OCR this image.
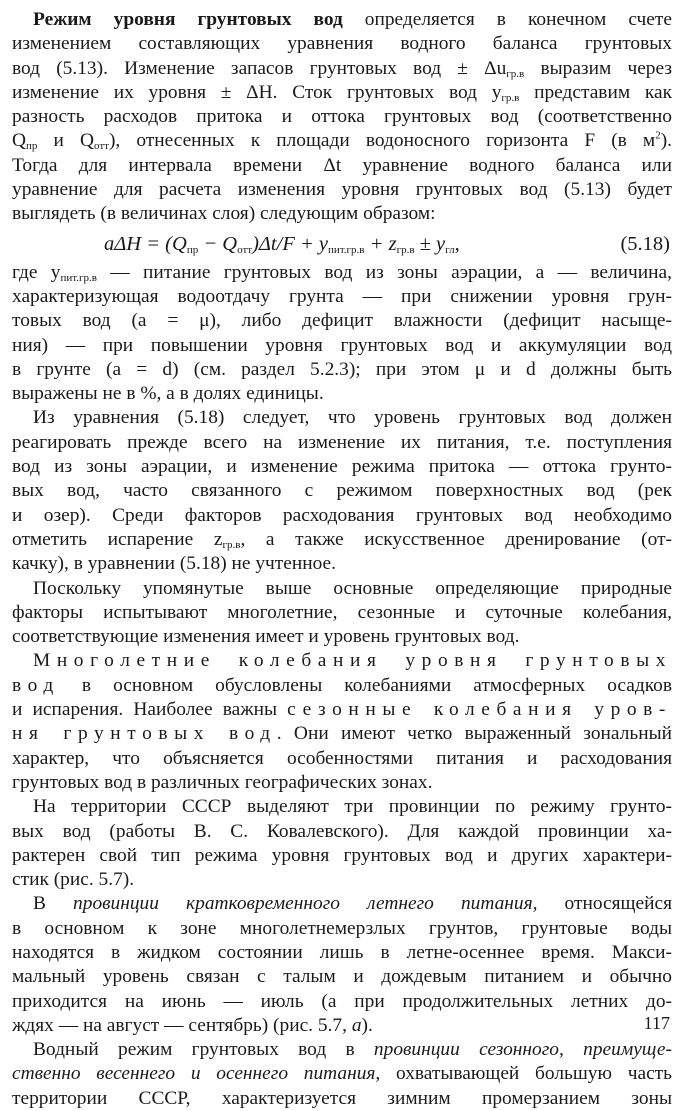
Режим уровня грунтовых вод определяется в конечном счете
изменением составляющих уравнения водного баланса грунтовых
вод (5.13). Изменение запасов грунтовых вод ± $\Delta u_{гр.в}$ выразим через
изменение их уровня ± ΔH. Сток грунтовых вод $y_{гр.в}$ представим как
разность расходов притока и оттока грунтовых вод (соответственно
$Q_{пр}$ и $Q_{отт}$), отнесенных к площади водоносного горизонта F (в $м^2$).
Тогда для интервала времени Δt уравнение водного баланса или
уравнение для расчета изменения уровня грунтовых вод (5.13) будет
выглядеть (в величинах слоя) следующим образом:
$a\Delta H = (Q_{пр} - Q_{отт})\Delta t/F + y_{пит.гр.в} + z_{гр.в} \pm y_{гл}$,	(5.18)
где $y_{пит.гр.в}$ — питание грунтовых вод из зоны аэрации, a — величина,
характеризующая водоотдачу грунта — при снижении уровня грун-
товых вод (a = μ), либо дефицит влажности (дефицит насыще-
ния) — при повышении уровня грунтовых вод и аккумуляции вод
в грунте (a = d) (см. раздел 5.2.3); при этом μ и d должны быть
выражены не в %, а в долях единицы.
Из уравнения (5.18) следует, что уровень грунтовых вод должен
реагировать прежде всего на изменение их питания, т.е. поступления
вод из зоны аэрации, и изменение режима притока — оттока грунто-
вых вод, часто связанного с режимом поверхностных вод (рек
и озер). Среди факторов расходования грунтовых вод необходимо
отметить испарение $z_{гр.в}$, а также искусственное дренирование (от-
качку), в уравнении (5.18) не учтенное.
Поскольку упомянутые выше основные определяющие природные
факторы испытывают многолетние, сезонные и суточные колебания,
соответствующие изменения имеет и уровень грунтовых вод.
Многолетние колебания уровня грунтовых
вод в основном обусловлены колебаниями атмосферных осадков
и испарения. Наиболее важны сезонные колебания уров-
ня грунтовых вод. Они имеют четко выраженный зональный
характер, что объясняется особенностями питания и расходования
грунтовых вод в различных географических зонах.
На территории СССР выделяют три провинции по режиму грунто-
вых вод (работы В. С. Ковалевского). Для каждой провинции ха-
рактерен свой тип режима уровня грунтовых вод и других характери-
стик (рис. 5.7).
В провинции кратковременного летнего питания, относящейся
в основном к зоне многолетнемерзлых грунтов, грунтовые воды
находятся в жидком состоянии лишь в летне-осеннее время. Макси-
мальный уровень связан с талым и дождевым питанием и обычно
приходится на июнь — июль (а при продолжительных летних до-
ждях — на август — сентябрь) (рис. 5.7, а).
Водный режим грунтовых вод в провинции сезонного, преимуще-
ственно весеннего и осеннего питания, охватывающей большую часть
территории СССР, характеризуется зимним промерзанием зоны
117
